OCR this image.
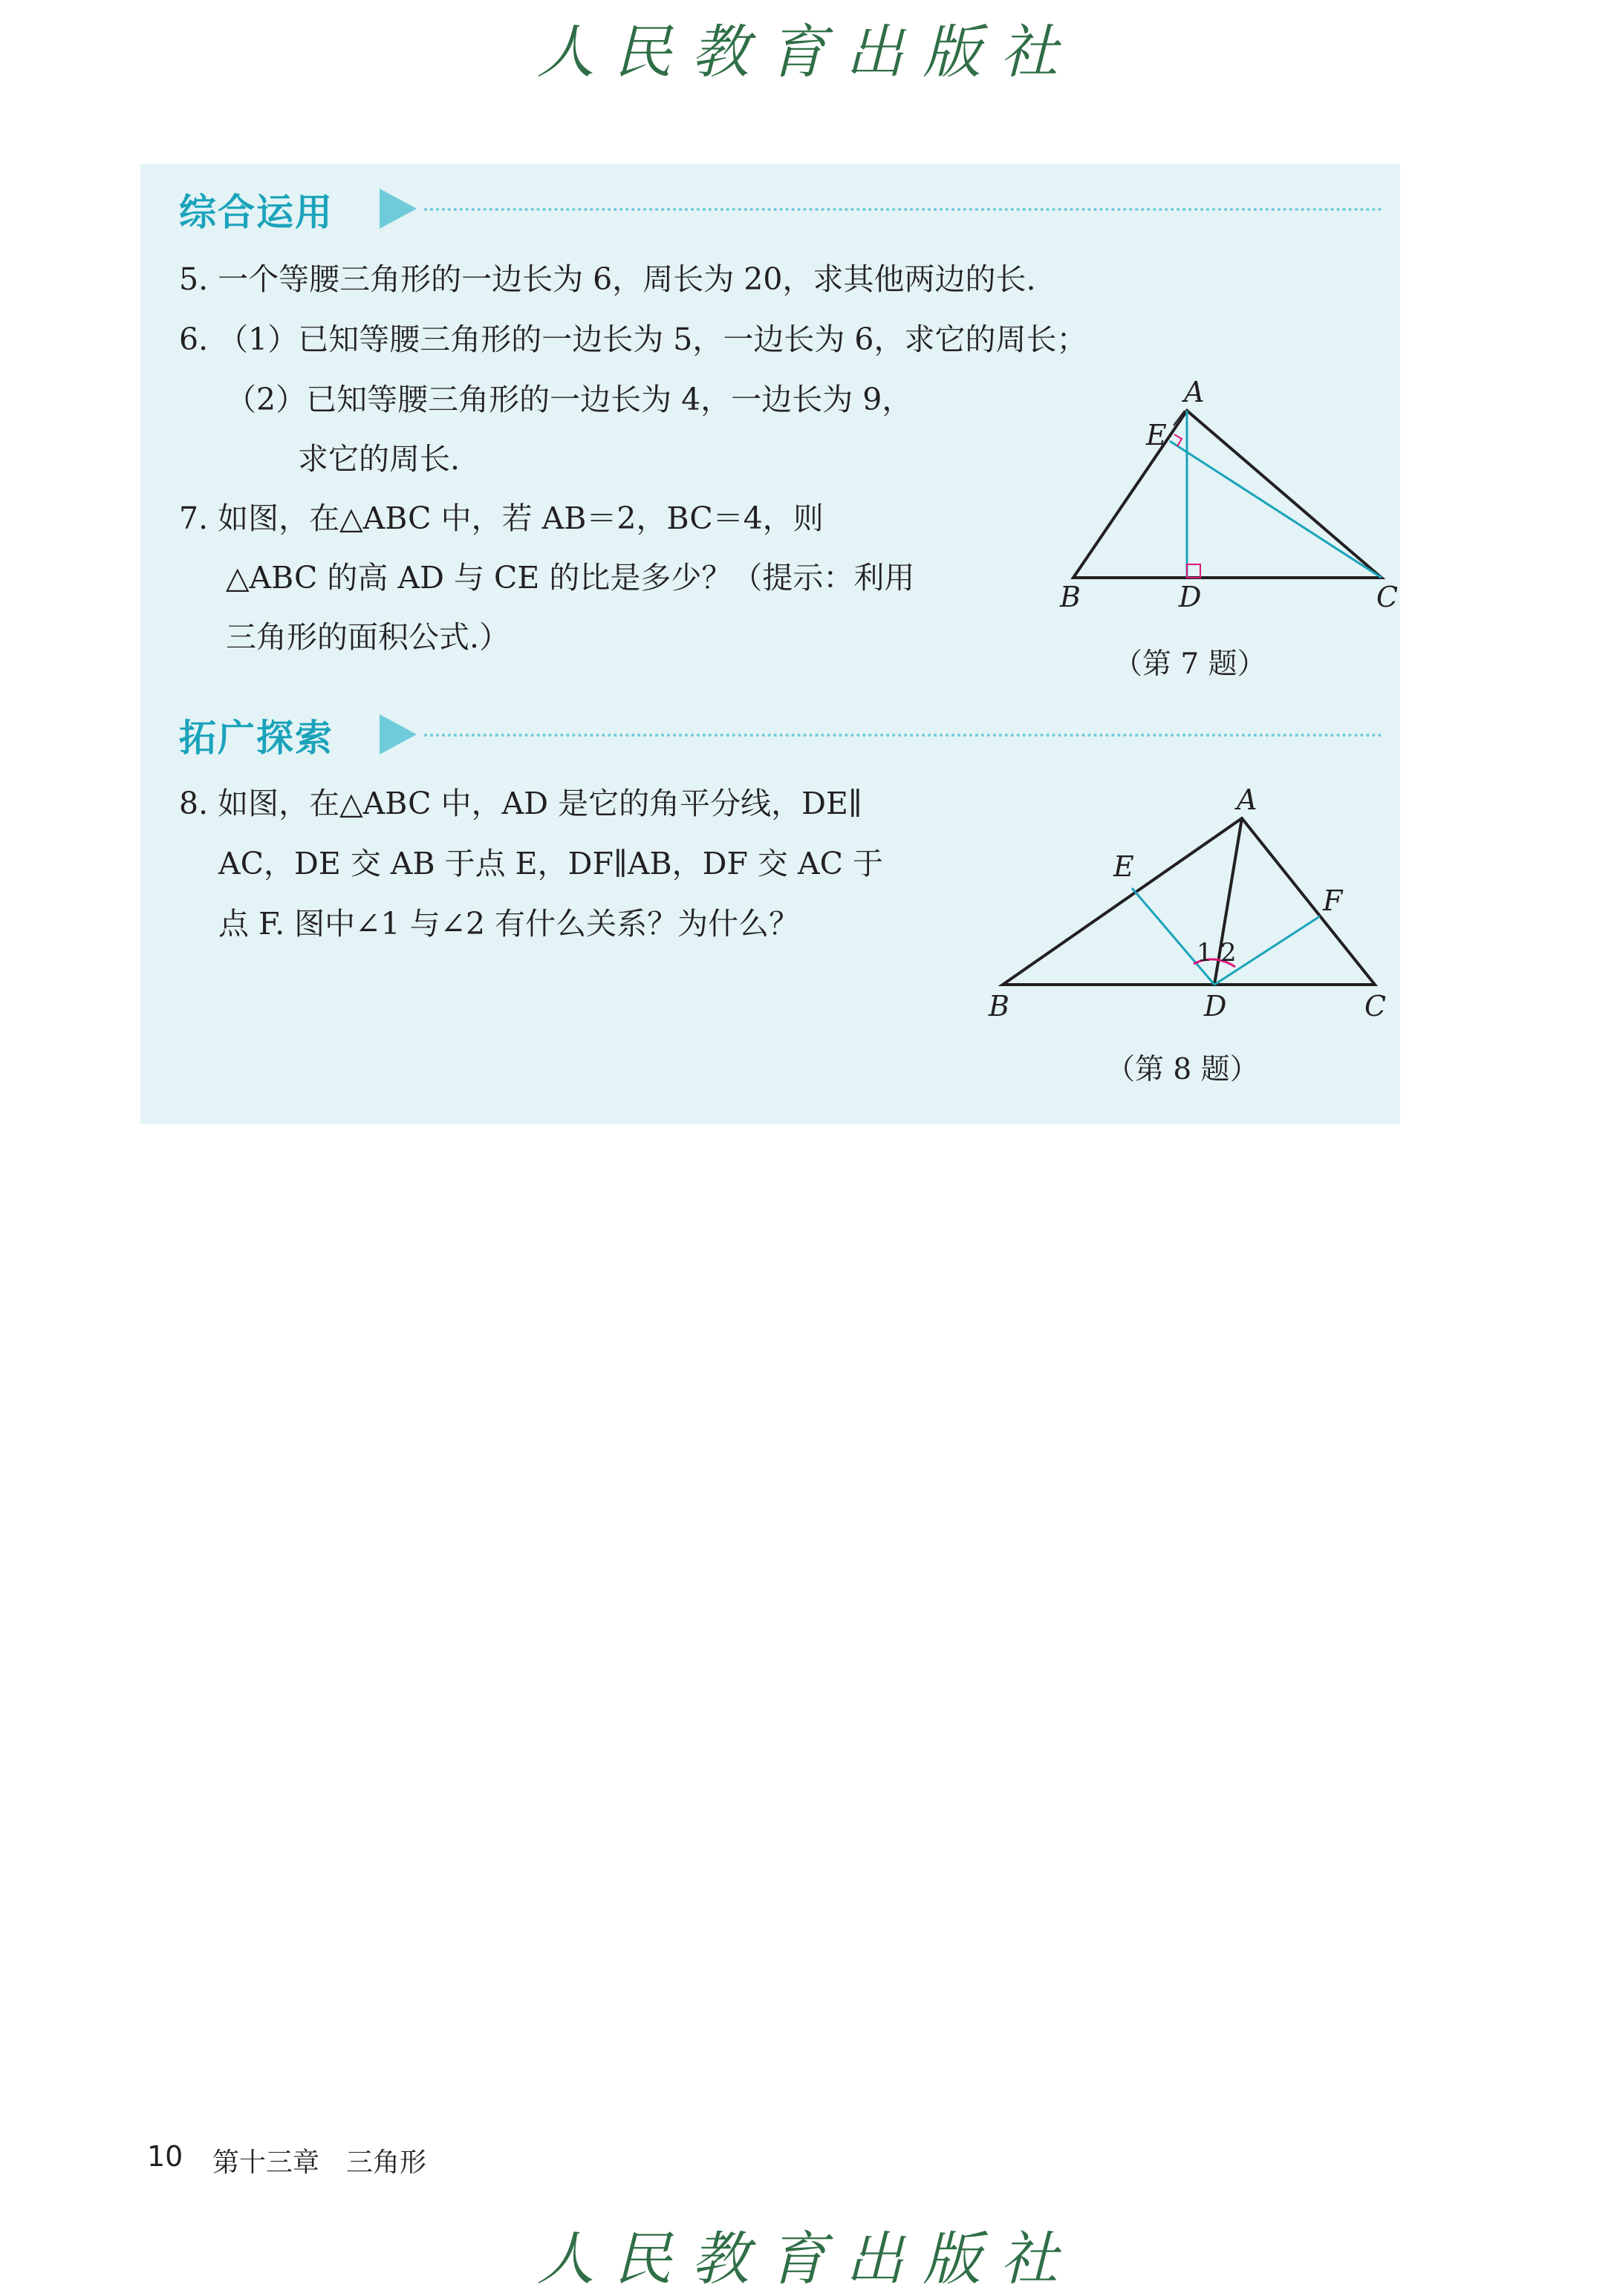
人民教育出版社
综合运用
5. 一个等腰三角形的一边长为 6，周长为 20，求其他两边的长.
6. （1）已知等腰三角形的一边长为 5，一边长为 6，求它的周长；
（2）已知等腰三角形的一边长为 4，一边长为 9，
求它的周长.
7. 如图，在△ABC 中，若 AB＝2，BC＝4，则
△ABC 的高 AD 与 CE 的比是多少？（提示：利用
三角形的面积公式.）
A
B	C
D
E
（第 7 题）
拓广探索
8. 如图，在△ABC 中，AD 是它的角平分线，DE∥
AC，DE 交 AB 于点 E，DF∥AB，DF 交 AC 于
点 F. 图中∠1 与∠2 有什么关系？为什么？
A
B	C
D
E
F
1 2
（第 8 题）
10 第十三章　三角形
人民教育出版社
